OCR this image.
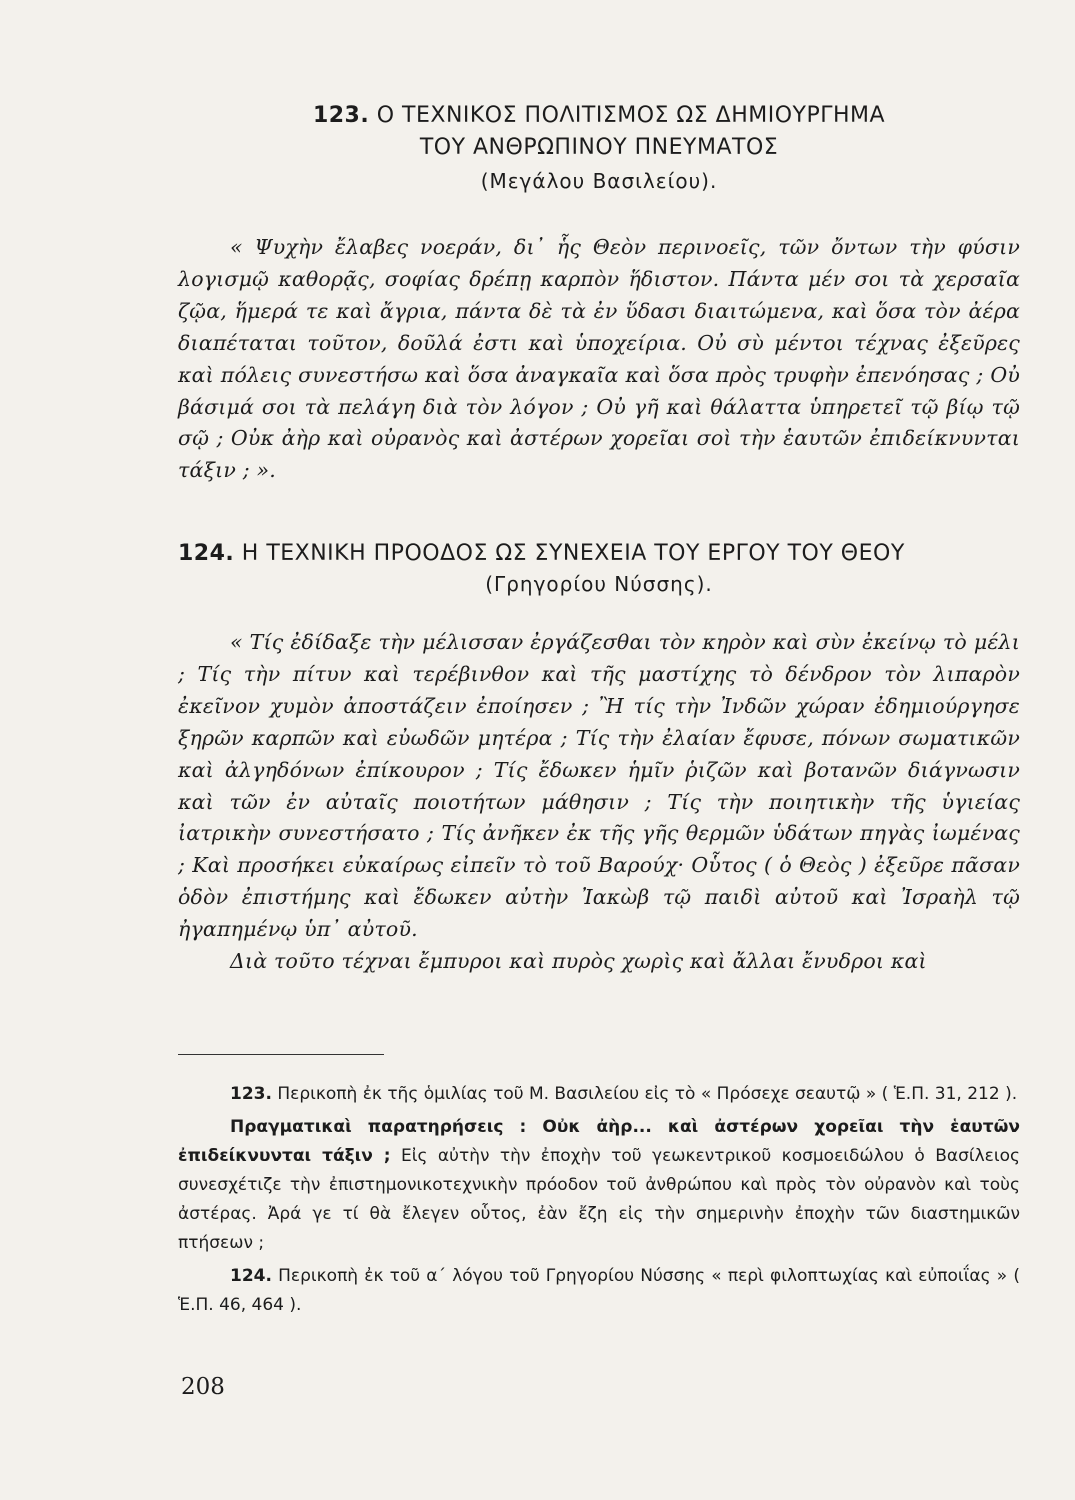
123. Ο ΤΕΧΝΙΚΟΣ ΠΟΛΙΤΙΣΜΟΣ ΩΣ ΔΗΜΙΟΥΡΓΗΜΑ
ΤΟΥ ΑΝΘΡΩΠΙΝΟΥ ΠΝΕΥΜΑΤΟΣ
(Μεγάλου Βασιλείου).

« Ψυχὴν ἔλαβες νοεράν, δι᾿ ἧς Θεὸν περινοεῖς, τῶν ὄντων τὴν φύσιν λογισμῷ καθορᾷς, σοφίας δρέπῃ καρπὸν ἥδιστον. Πάντα μέν σοι τὰ χερσαῖα ζῷα, ἥμερά τε καὶ ἄγρια, πάντα δὲ τὰ ἐν ὕδασι διαιτώμενα, καὶ ὅσα τὸν ἀέρα διαπέταται τοῦτον, δοῦλά ἐστι καὶ ὑποχείρια. Οὐ σὺ μέντοι τέχνας ἐξεῦρες καὶ πόλεις συνεστήσω καὶ ὅσα ἀναγκαῖα καὶ ὅσα πρὸς τρυφὴν ἐπενόησας ; Οὐ βάσιμά σοι τὰ πελάγη διὰ τὸν λόγον ; Οὐ γῆ καὶ θάλαττα ὑπηρετεῖ τῷ βίῳ τῷ σῷ ; Οὐκ ἀὴρ καὶ οὐρανὸς καὶ ἀστέρων χορεῖαι σοὶ τὴν ἑαυτῶν ἐπιδείκνυνται τάξιν ; ».

124. Η ΤΕΧΝΙΚΗ ΠΡΟΟΔΟΣ ΩΣ ΣΥΝΕΧΕΙΑ ΤΟΥ ΕΡΓΟΥ ΤΟΥ ΘΕΟΥ
(Γρηγορίου Νύσσης).

« Τίς ἐδίδαξε τὴν μέλισσαν ἐργάζεσθαι τὸν κηρὸν καὶ σὺν ἐκείνῳ τὸ μέλι ; Τίς τὴν πίτυν καὶ τερέβινθον καὶ τῆς μαστίχης τὸ δένδρον τὸν λιπαρὸν ἐκεῖνον χυμὸν ἀποστάζειν ἐποίησεν ; Ἢ τίς τὴν Ἰνδῶν χώραν ἐδημιούργησε ξηρῶν καρπῶν καὶ εὐωδῶν μητέρα ; Τίς τὴν ἐλαίαν ἔφυσε, πόνων σωματικῶν καὶ ἀλγηδόνων ἐπίκουρον ; Τίς ἔδωκεν ἡμῖν ῥιζῶν καὶ βοτανῶν διάγνωσιν καὶ τῶν ἐν αὐταῖς ποιοτήτων μάθησιν ; Τίς τὴν ποιητικὴν τῆς ὑγιείας ἰατρικὴν συνεστήσατο ; Τίς ἀνῆκεν ἐκ τῆς γῆς θερμῶν ὑδάτων πηγὰς ἰωμένας ; Καὶ προσήκει εὐκαίρως εἰπεῖν τὸ τοῦ Βαρούχ· Οὗτος ( ὁ Θεὸς ) ἐξεῦρε πᾶσαν ὁδὸν ἐπιστήμης καὶ ἔδωκεν αὐτὴν Ἰακὼβ τῷ παιδὶ αὐτοῦ καὶ Ἰσραὴλ τῷ ἠγαπημένῳ ὑπ᾿ αὐτοῦ.

Διὰ τοῦτο τέχναι ἔμπυροι καὶ πυρὸς χωρὶς καὶ ἄλλαι ἔνυδροι καὶ

123. Περικοπὴ ἐκ τῆς ὁμιλίας τοῦ Μ. Βασιλείου εἰς τὸ « Πρόσεχε σεαυτῷ » ( Ἑ.Π. 31, 212 ).

Πραγματικαὶ παρατηρήσεις : Οὐκ ἀὴρ... καὶ ἀστέρων χορεῖαι τὴν ἑαυτῶν ἐπιδείκνυνται τάξιν ; Εἰς αὐτὴν τὴν ἐποχὴν τοῦ γεωκεντρικοῦ κοσμοειδώλου ὁ Βασίλειος συνεσχέτιζε τὴν ἐπιστημονικοτεχνικὴν πρόοδον τοῦ ἀνθρώπου καὶ πρὸς τὸν οὐρανὸν καὶ τοὺς ἀστέρας. Ἀρά γε τί θὰ ἔλεγεν οὗτος, ἐὰν ἔζη εἰς τὴν σημερινὴν ἐποχὴν τῶν διαστημικῶν πτήσεων ;

124. Περικοπὴ ἐκ τοῦ α´ λόγου τοῦ Γρηγορίου Νύσσης « περὶ φιλοπτωχίας καὶ εὐποιΐας » ( Ἑ.Π. 46, 464 ).

208
